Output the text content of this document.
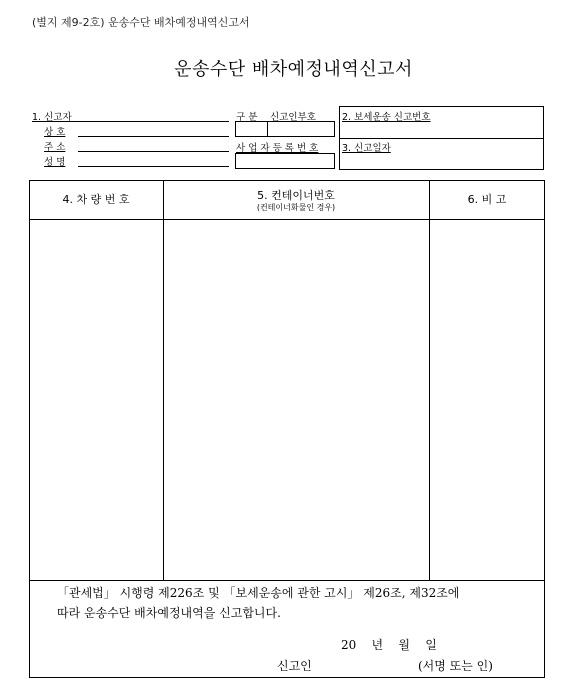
(별지 제9-2호) 운송수단 배차예정내역신고서
운송수단 배차예정내역신고서
1. 신고자
상 호
주 소
성 명
구 분 신고인부호
사 업 자 등 록 번 호
2. 보세운송 신고번호
3. 신고일자
4. 차 량 번 호	5. 컨테이너번호
(컨테이너화물인 경우)
6. 비 고
「관세법」 시행령 제226조 및 「보세운송에 관한 고시」 제26조, 제32조에
따라 운송수단 배차예정내역을 신고합니다.
20    년    월    일
신고인	(서명 또는 인)
